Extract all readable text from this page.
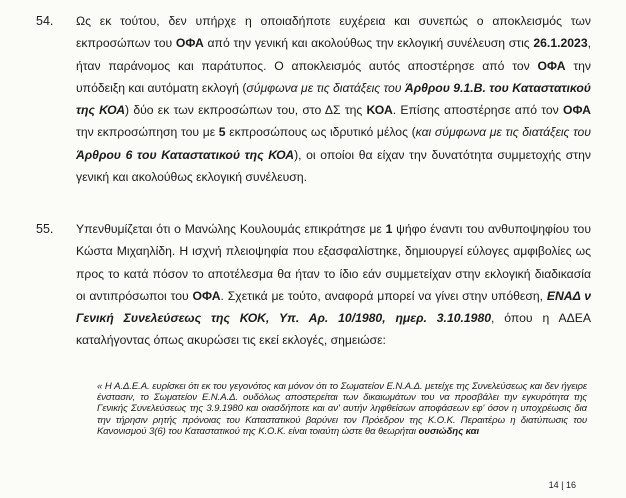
54. Ως εκ τούτου, δεν υπήρχε η οποιαδήποτε ευχέρεια και συνεπώς ο αποκλεισμός των εκπροσώπων του ΟΦΑ από την γενική και ακολούθως την εκλογική συνέλευση στις 26.1.2023, ήταν παράνομος και παράτυπος. Ο αποκλεισμός αυτός αποστέρησε από τον ΟΦΑ την υπόδειξη και αυτόματη εκλογή (σύμφωνα με τις διατάξεις του Άρθρου 9.1.Β. του Καταστατικού της ΚΟΑ) δύο εκ των εκπροσώπων του, στο ΔΣ της ΚΟΑ. Επίσης αποστέρησε από τον ΟΦΑ την εκπροσώπηση του με 5 εκπροσώπους ως ιδρυτικό μέλος (και σύμφωνα με τις διατάξεις του Άρθρου 6 του Καταστατικού της ΚΟΑ), οι οποίοι θα είχαν την δυνατότητα συμμετοχής στην γενική και ακολούθως εκλογική συνέλευση.
55. Υπενθυμίζεται ότι ο Μανώλης Κουλουμάς επικράτησε με 1 ψήφο έναντι του ανθυποψηφίου του Κώστα Μιχαηλίδη. Η ισχνή πλειοψηφία που εξασφαλίστηκε, δημιουργεί εύλογες αμφιβολίες ως προς το κατά πόσον το αποτέλεσμα θα ήταν το ίδιο εάν συμμετείχαν στην εκλογική διαδικασία οι αντιπρόσωποι του ΟΦΑ. Σχετικά με τούτο, αναφορά μπορεί να γίνει στην υπόθεση, ΕΝΑΔ ν Γενική Συνελεύσεως της ΚΟΚ, Υπ. Αρ. 10/1980, ημερ. 3.10.1980, όπου η ΑΔΕΑ καταλήγοντας όπως ακυρώσει τις εκεί εκλογές, σημειώσε:
« Η Α.Δ.Ε.Α. ευρίσκει ότι εκ του γεγονότος και μόνον ότι το Σωματείον Ε.Ν.Α.Δ. μετείχε της Συνελεύσεως και δεν ήγειρε ένστασιν, το Σωματείον Ε.Ν.Α.Δ. ουδόλως αποστερείται των δικαιωμάτων του να προσβάλει την εγκυρότητα της Γενικής Συνελεύσεως της 3.9.1980 και οιασδήποτε και αν' αυτήν ληφθείσων αποφάσεων εφ' όσον η υποχρέωσις δια την τήρησιν ρητής πρόνοιας του Καταστατικού βαρύνει τον Πρόεδρον της Κ.Ο.Κ. Περαιτέρω η διατύπωσις του Κανονισμού 3(6) του Καταστατικού της Κ.Ο.Κ. είναι τοιαύτη ώστε θα θεωρήται ουσιώδης και
14 | 16
